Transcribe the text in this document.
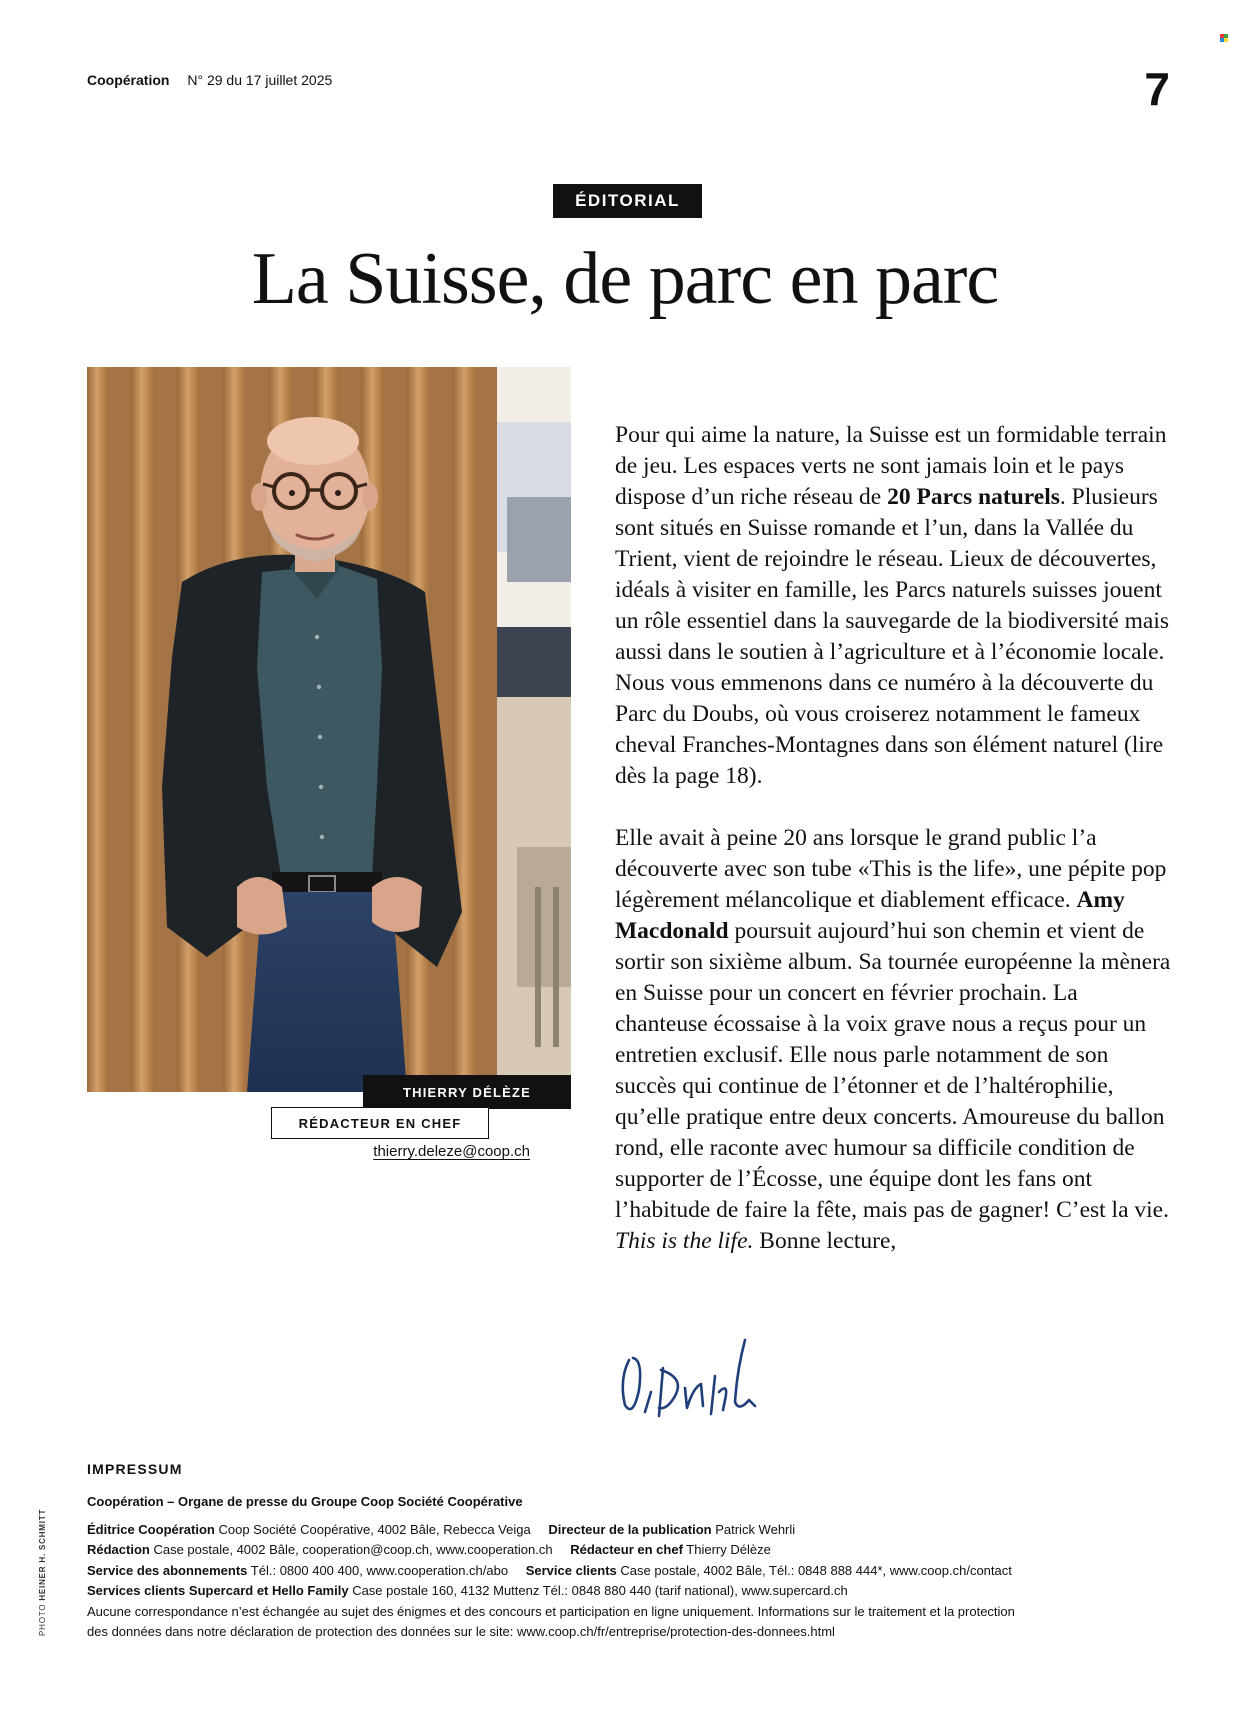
Coopération N° 29 du 17 juillet 2025	7
ÉDITORIAL
La Suisse, de parc en parc
THIERRY DÉLÈZE
RÉDACTEUR EN CHEF
thierry.deleze@coop.ch

Pour qui aime la nature, la Suisse est un formidable terrain de jeu. Les espaces verts ne sont jamais loin et le pays dispose d’un riche réseau de 20 Parcs naturels. Plusieurs sont situés en Suisse romande et l’un, dans la Vallée du Trient, vient de rejoindre le réseau. Lieux de découvertes, idéals à visiter en famille, les Parcs naturels suisses jouent un rôle essentiel dans la sauvegarde de la biodiversité mais aussi dans le soutien à l’agriculture et à l’économie locale. Nous vous emmenons dans ce numéro à la découverte du Parc du Doubs, où vous croiserez notamment le fameux cheval Franches-Montagnes dans son élément naturel (lire dès la page 18).

Elle avait à peine 20 ans lorsque le grand public l’a découverte avec son tube «This is the life», une pépite pop légèrement mélancolique et diablement efficace. Amy Macdonald poursuit aujourd’hui son chemin et vient de sortir son sixième album. Sa tournée européenne la mènera en Suisse pour un concert en février prochain. La chanteuse écossaise à la voix grave nous a reçus pour un entretien exclusif. Elle nous parle notamment de son succès qui continue de l’étonner et de l’haltérophilie, qu’elle pratique entre deux concerts. Amoureuse du ballon rond, elle raconte avec humour sa difficile condition de supporter de l’Écosse, une équipe dont les fans ont l’habitude de faire la fête, mais pas de gagner! C’est la vie. This is the life. Bonne lecture,

IMPRESSUM
Coopération – Organe de presse du Groupe Coop Société Coopérative
Éditrice Coopération Coop Société Coopérative, 4002 Bâle, Rebecca Veiga Directeur de la publication Patrick Wehrli
Rédaction Case postale, 4002 Bâle, cooperation@coop.ch, www.cooperation.ch Rédacteur en chef Thierry Délèze
Service des abonnements Tél.: 0800 400 400, www.cooperation.ch/abo Service clients Case postale, 4002 Bâle, Tél.: 0848 888 444*, www.coop.ch/contact
Services clients Supercard et Hello Family Case postale 160, 4132 Muttenz Tél.: 0848 880 440 (tarif national), www.supercard.ch
Aucune correspondance n’est échangée au sujet des énigmes et des concours et participation en ligne uniquement. Informations sur le traitement et la protection
des données dans notre déclaration de protection des données sur le site: www.coop.ch/fr/entreprise/protection-des-donnees.html
PHOTO HEINER H. SCHMITT
